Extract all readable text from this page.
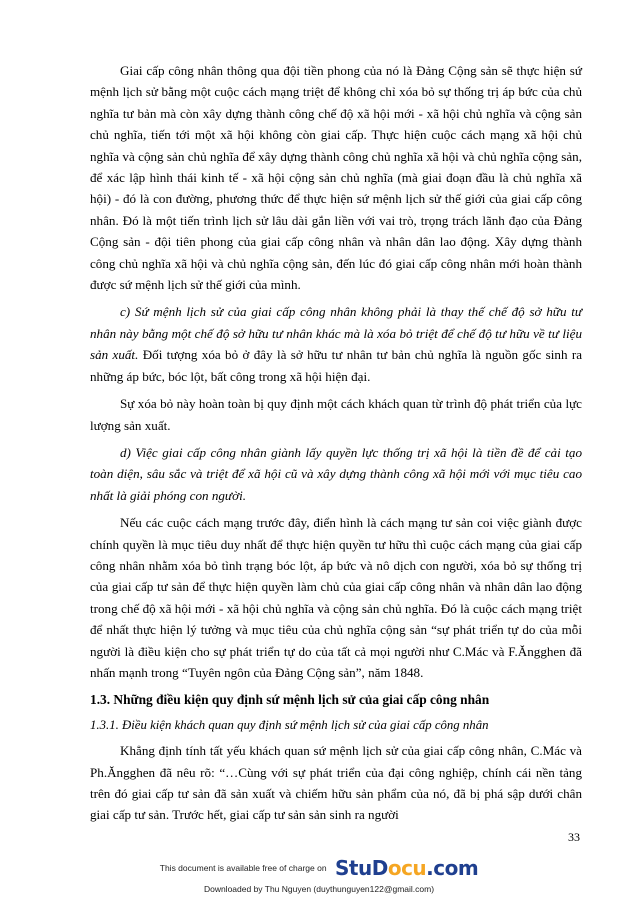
Giai cấp công nhân thông qua đội tiền phong của nó là Đảng Cộng sản sẽ thực hiện sứ mệnh lịch sử bằng một cuộc cách mạng triệt để không chỉ xóa bỏ sự thống trị áp bức của chủ nghĩa tư bản mà còn xây dựng thành công chế độ xã hội mới - xã hội chủ nghĩa và cộng sản chủ nghĩa, tiến tới một xã hội không còn giai cấp. Thực hiện cuộc cách mạng xã hội chủ nghĩa và cộng sản chủ nghĩa để xây dựng thành công chủ nghĩa xã hội và chủ nghĩa cộng sản, để xác lập hình thái kinh tế - xã hội cộng sản chủ nghĩa (mà giai đoạn đầu là chủ nghĩa xã hội) - đó là con đường, phương thức để thực hiện sứ mệnh lịch sử thế giới của giai cấp công nhân. Đó là một tiến trình lịch sử lâu dài gắn liền với vai trò, trọng trách lãnh đạo của Đảng Cộng sản - đội tiên phong của giai cấp công nhân và nhân dân lao động. Xây dựng thành công chủ nghĩa xã hội và chủ nghĩa cộng sản, đến lúc đó giai cấp công nhân mới hoàn thành được sứ mệnh lịch sử thế giới của mình.

c) Sứ mệnh lịch sử của giai cấp công nhân không phải là thay thế chế độ sở hữu tư nhân này bằng một chế độ sở hữu tư nhân khác mà là xóa bỏ triệt để chế độ tư hữu về tư liệu sản xuất. Đối tượng xóa bỏ ở đây là sở hữu tư nhân tư bản chủ nghĩa là nguồn gốc sinh ra những áp bức, bóc lột, bất công trong xã hội hiện đại.

Sự xóa bỏ này hoàn toàn bị quy định một cách khách quan từ trình độ phát triển của lực lượng sản xuất.

d) Việc giai cấp công nhân giành lấy quyền lực thống trị xã hội là tiền đề để cải tạo toàn diện, sâu sắc và triệt để xã hội cũ và xây dựng thành công xã hội mới với mục tiêu cao nhất là giải phóng con người.

Nếu các cuộc cách mạng trước đây, điển hình là cách mạng tư sản coi việc giành được chính quyền là mục tiêu duy nhất để thực hiện quyền tư hữu thì cuộc cách mạng của giai cấp công nhân nhằm xóa bỏ tình trạng bóc lột, áp bức và nô dịch con người, xóa bỏ sự thống trị của giai cấp tư sản để thực hiện quyền làm chủ của giai cấp công nhân và nhân dân lao động trong chế độ xã hội mới - xã hội chủ nghĩa và cộng sản chủ nghĩa. Đó là cuộc cách mạng triệt để nhất thực hiện lý tưởng và mục tiêu của chủ nghĩa cộng sản “sự phát triển tự do của mỗi người là điều kiện cho sự phát triển tự do của tất cả mọi người như C.Mác và F.Ăngghen đã nhấn mạnh trong “Tuyên ngôn của Đảng Cộng sản”, năm 1848.

1.3. Những điều kiện quy định sứ mệnh lịch sử của giai cấp công nhân
1.3.1. Điều kiện khách quan quy định sứ mệnh lịch sử của giai cấp công nhân

Khẳng định tính tất yếu khách quan sứ mệnh lịch sử của giai cấp công nhân, C.Mác và Ph.Ăngghen đã nêu rõ: “…Cùng với sự phát triển của đại công nghiệp, chính cái nền tảng trên đó giai cấp tư sản đã sản xuất và chiếm hữu sản phẩm của nó, đã bị phá sập dưới chân giai cấp tư sản. Trước hết, giai cấp tư sản sản sinh ra người

33
This document is available free of charge on StuDocu.com
Downloaded by Thu Nguyen (duythunguyen122@gmail.com)
